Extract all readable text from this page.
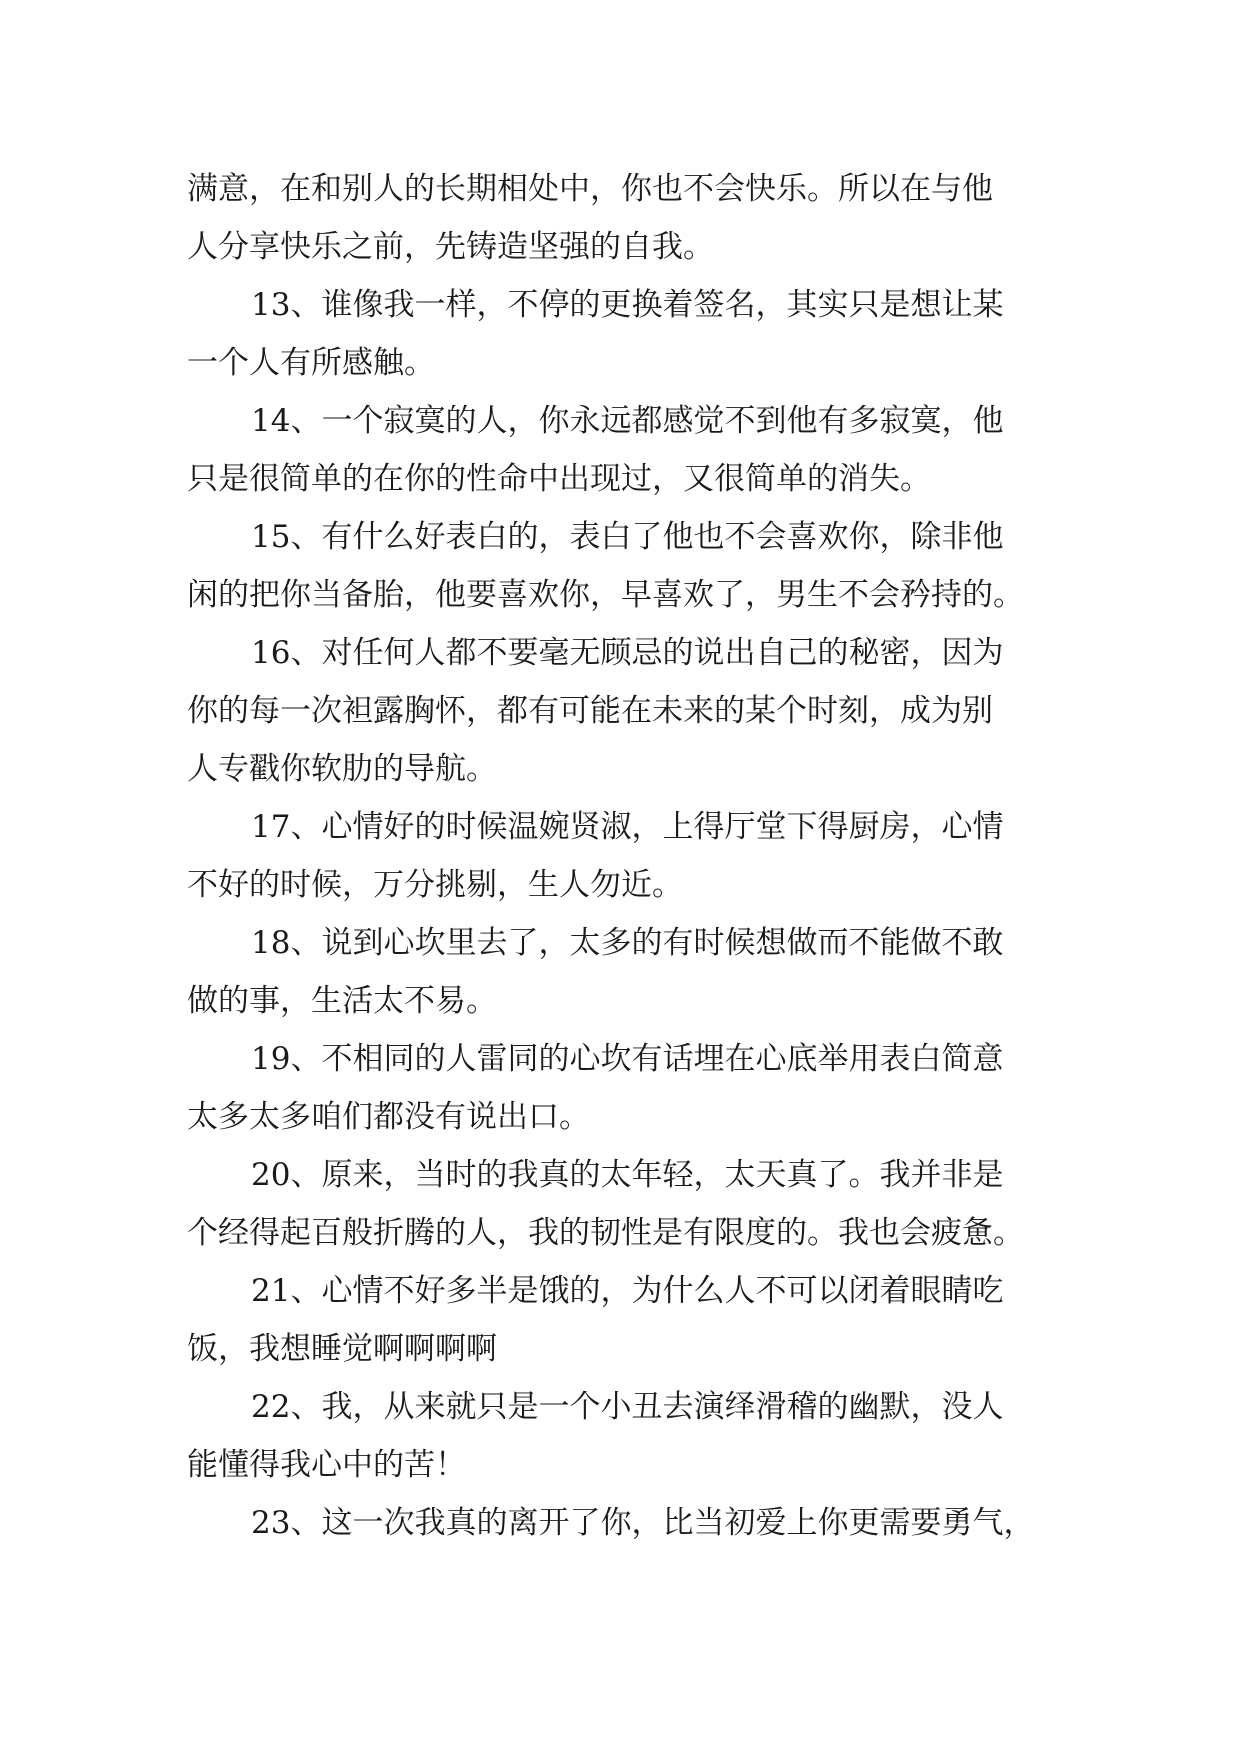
满意，在和别人的长期相处中，你也不会快乐。所以在与他
人分享快乐之前，先铸造坚强的自我。
13、谁像我一样，不停的更换着签名，其实只是想让某
一个人有所感触。
14、一个寂寞的人，你永远都感觉不到他有多寂寞，他
只是很简单的在你的性命中出现过，又很简单的消失。
15、有什么好表白的，表白了他也不会喜欢你，除非他
闲的把你当备胎，他要喜欢你，早喜欢了，男生不会矜持的。
16、对任何人都不要毫无顾忌的说出自己的秘密，因为
你的每一次袒露胸怀，都有可能在未来的某个时刻，成为别
人专戳你软肋的导航。
17、心情好的时候温婉贤淑，上得厅堂下得厨房，心情
不好的时候，万分挑剔，生人勿近。
18、说到心坎里去了，太多的有时候想做而不能做不敢
做的事，生活太不易。
19、不相同的人雷同的心坎有话埋在心底举用表白简意
太多太多咱们都没有说出口。
20、原来，当时的我真的太年轻，太天真了。我并非是
个经得起百般折腾的人，我的韧性是有限度的。我也会疲惫。
21、心情不好多半是饿的，为什么人不可以闭着眼睛吃
饭，我想睡觉啊啊啊啊
22、我，从来就只是一个小丑去演绎滑稽的幽默，没人
能懂得我心中的苦！
23、这一次我真的离开了你，比当初爱上你更需要勇气，
